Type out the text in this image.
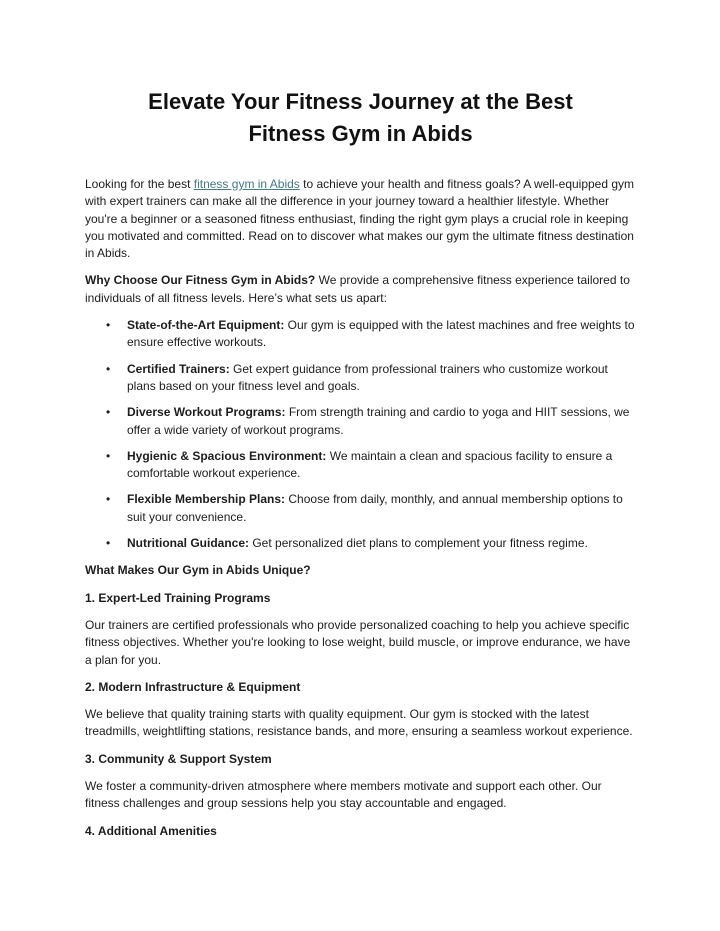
Elevate Your Fitness Journey at the Best
Fitness Gym in Abids

Looking for the best fitness gym in Abids to achieve your health and fitness goals? A well-equipped gym with expert trainers can make all the difference in your journey toward a healthier lifestyle. Whether you're a beginner or a seasoned fitness enthusiast, finding the right gym plays a crucial role in keeping you motivated and committed. Read on to discover what makes our gym the ultimate fitness destination in Abids.

Why Choose Our Fitness Gym in Abids? We provide a comprehensive fitness experience tailored to individuals of all fitness levels. Here’s what sets us apart:

• State-of-the-Art Equipment: Our gym is equipped with the latest machines and free weights to ensure effective workouts.
• Certified Trainers: Get expert guidance from professional trainers who customize workout plans based on your fitness level and goals.
• Diverse Workout Programs: From strength training and cardio to yoga and HIIT sessions, we offer a wide variety of workout programs.
• Hygienic & Spacious Environment: We maintain a clean and spacious facility to ensure a comfortable workout experience.
• Flexible Membership Plans: Choose from daily, monthly, and annual membership options to suit your convenience.
• Nutritional Guidance: Get personalized diet plans to complement your fitness regime.

What Makes Our Gym in Abids Unique?

1. Expert-Led Training Programs

Our trainers are certified professionals who provide personalized coaching to help you achieve specific fitness objectives. Whether you're looking to lose weight, build muscle, or improve endurance, we have a plan for you.

2. Modern Infrastructure & Equipment

We believe that quality training starts with quality equipment. Our gym is stocked with the latest treadmills, weightlifting stations, resistance bands, and more, ensuring a seamless workout experience.

3. Community & Support System

We foster a community-driven atmosphere where members motivate and support each other. Our fitness challenges and group sessions help you stay accountable and engaged.

4. Additional Amenities
